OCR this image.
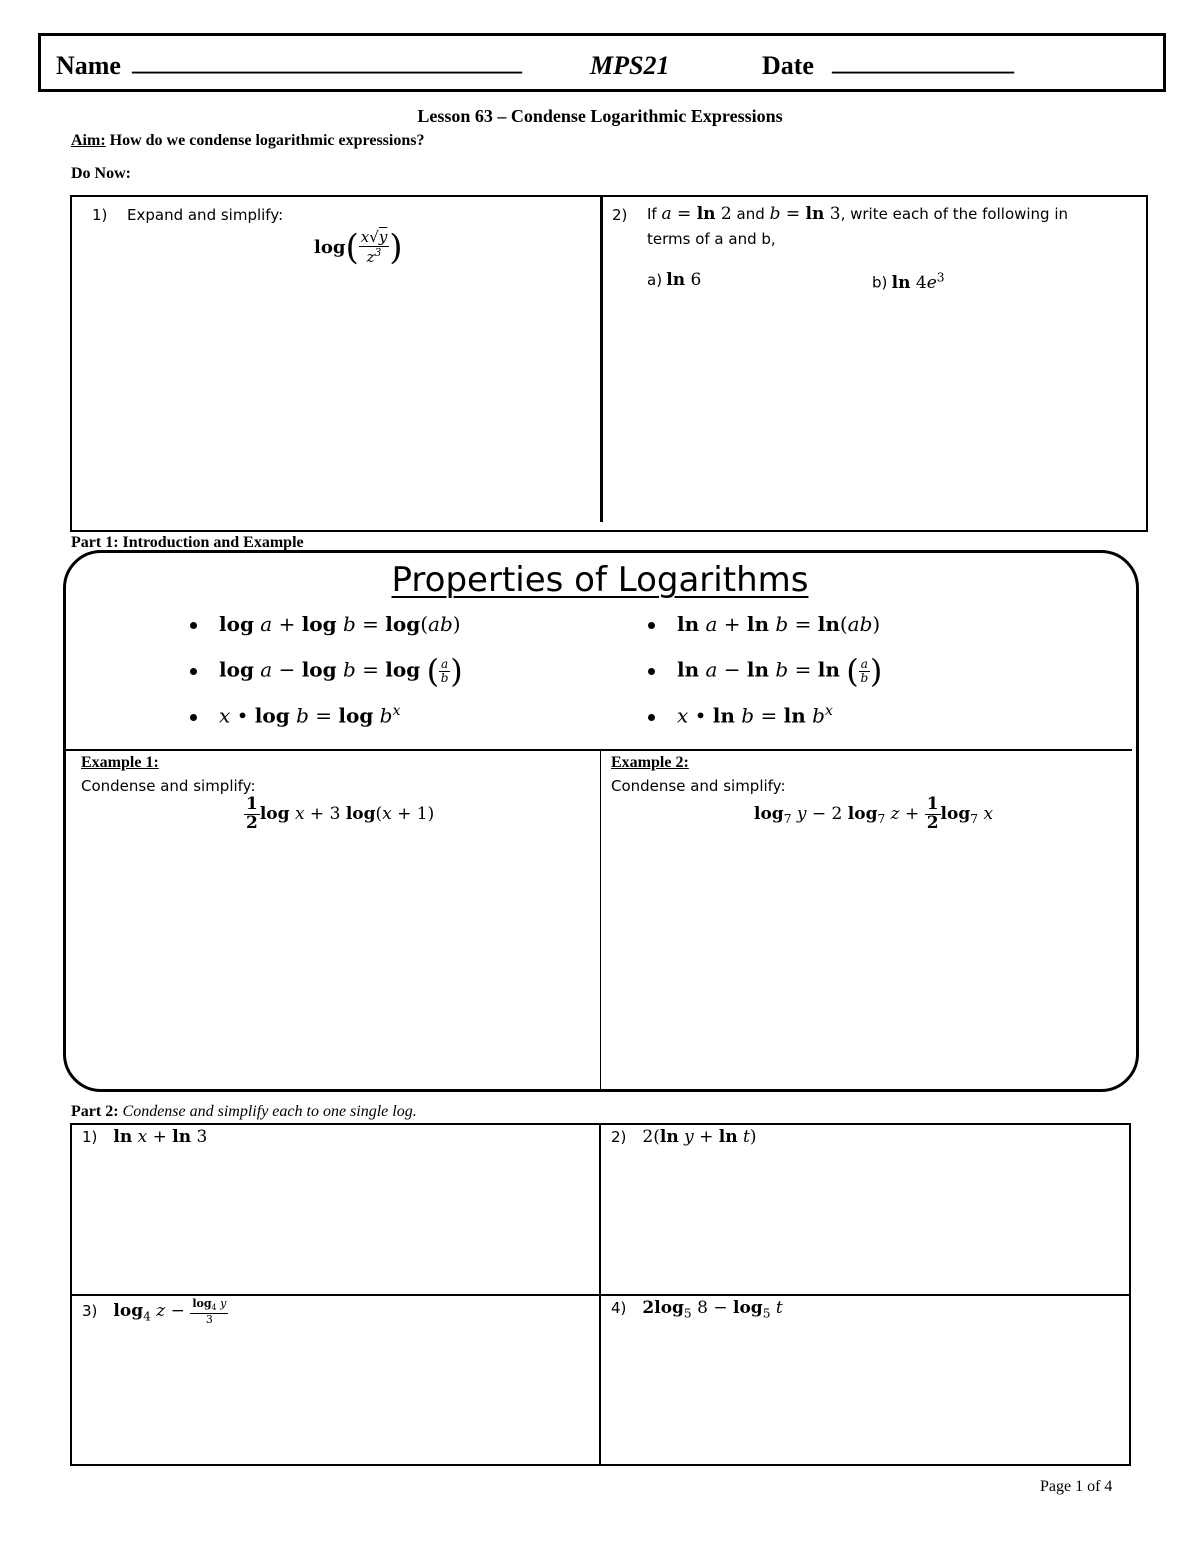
Name ______________________________	MPS21	Date ______________
Lesson 63 – Condense Logarithmic Expressions
Aim: How do we condense logarithmic expressions?
Do Now:
1) Expand and simplify:
$\log( \frac{x√y}{z^3}$ )
2) If a = ln 2 and b = ln 3, write each of the following in
terms of a and b,
a) ln 6	b) $\ln 4e^3$
Part 1: Introduction and Example
Properties of Logarithms
log a + log b = log(ab)
log a − log b = log ( $\frac{a}{b}$ )
x • $\log b = \log b^x$
ln a + ln b = ln(ab)
ln a − ln b = ln ( $\frac{a}{b}$ )
x • $\ln b = \ln b^x$
Example 1:
Condense and simplify:
$\frac{1}{2}$ log x + 3 log(x + 1)
Example 2:
Condense and simplify:
$\log_7 y - 2$ $\log_7 z + \frac{1}{2} \log_7 x$
Part 2: Condense and simplify each to one single log.
1) ln x + ln 3	2) 2(ln y + ln t)
3) $\log_4 z - \frac{\log_4 y}{3}$	4) $2\log_5$ $8 - \log_5 t$
Page 1 of 4
